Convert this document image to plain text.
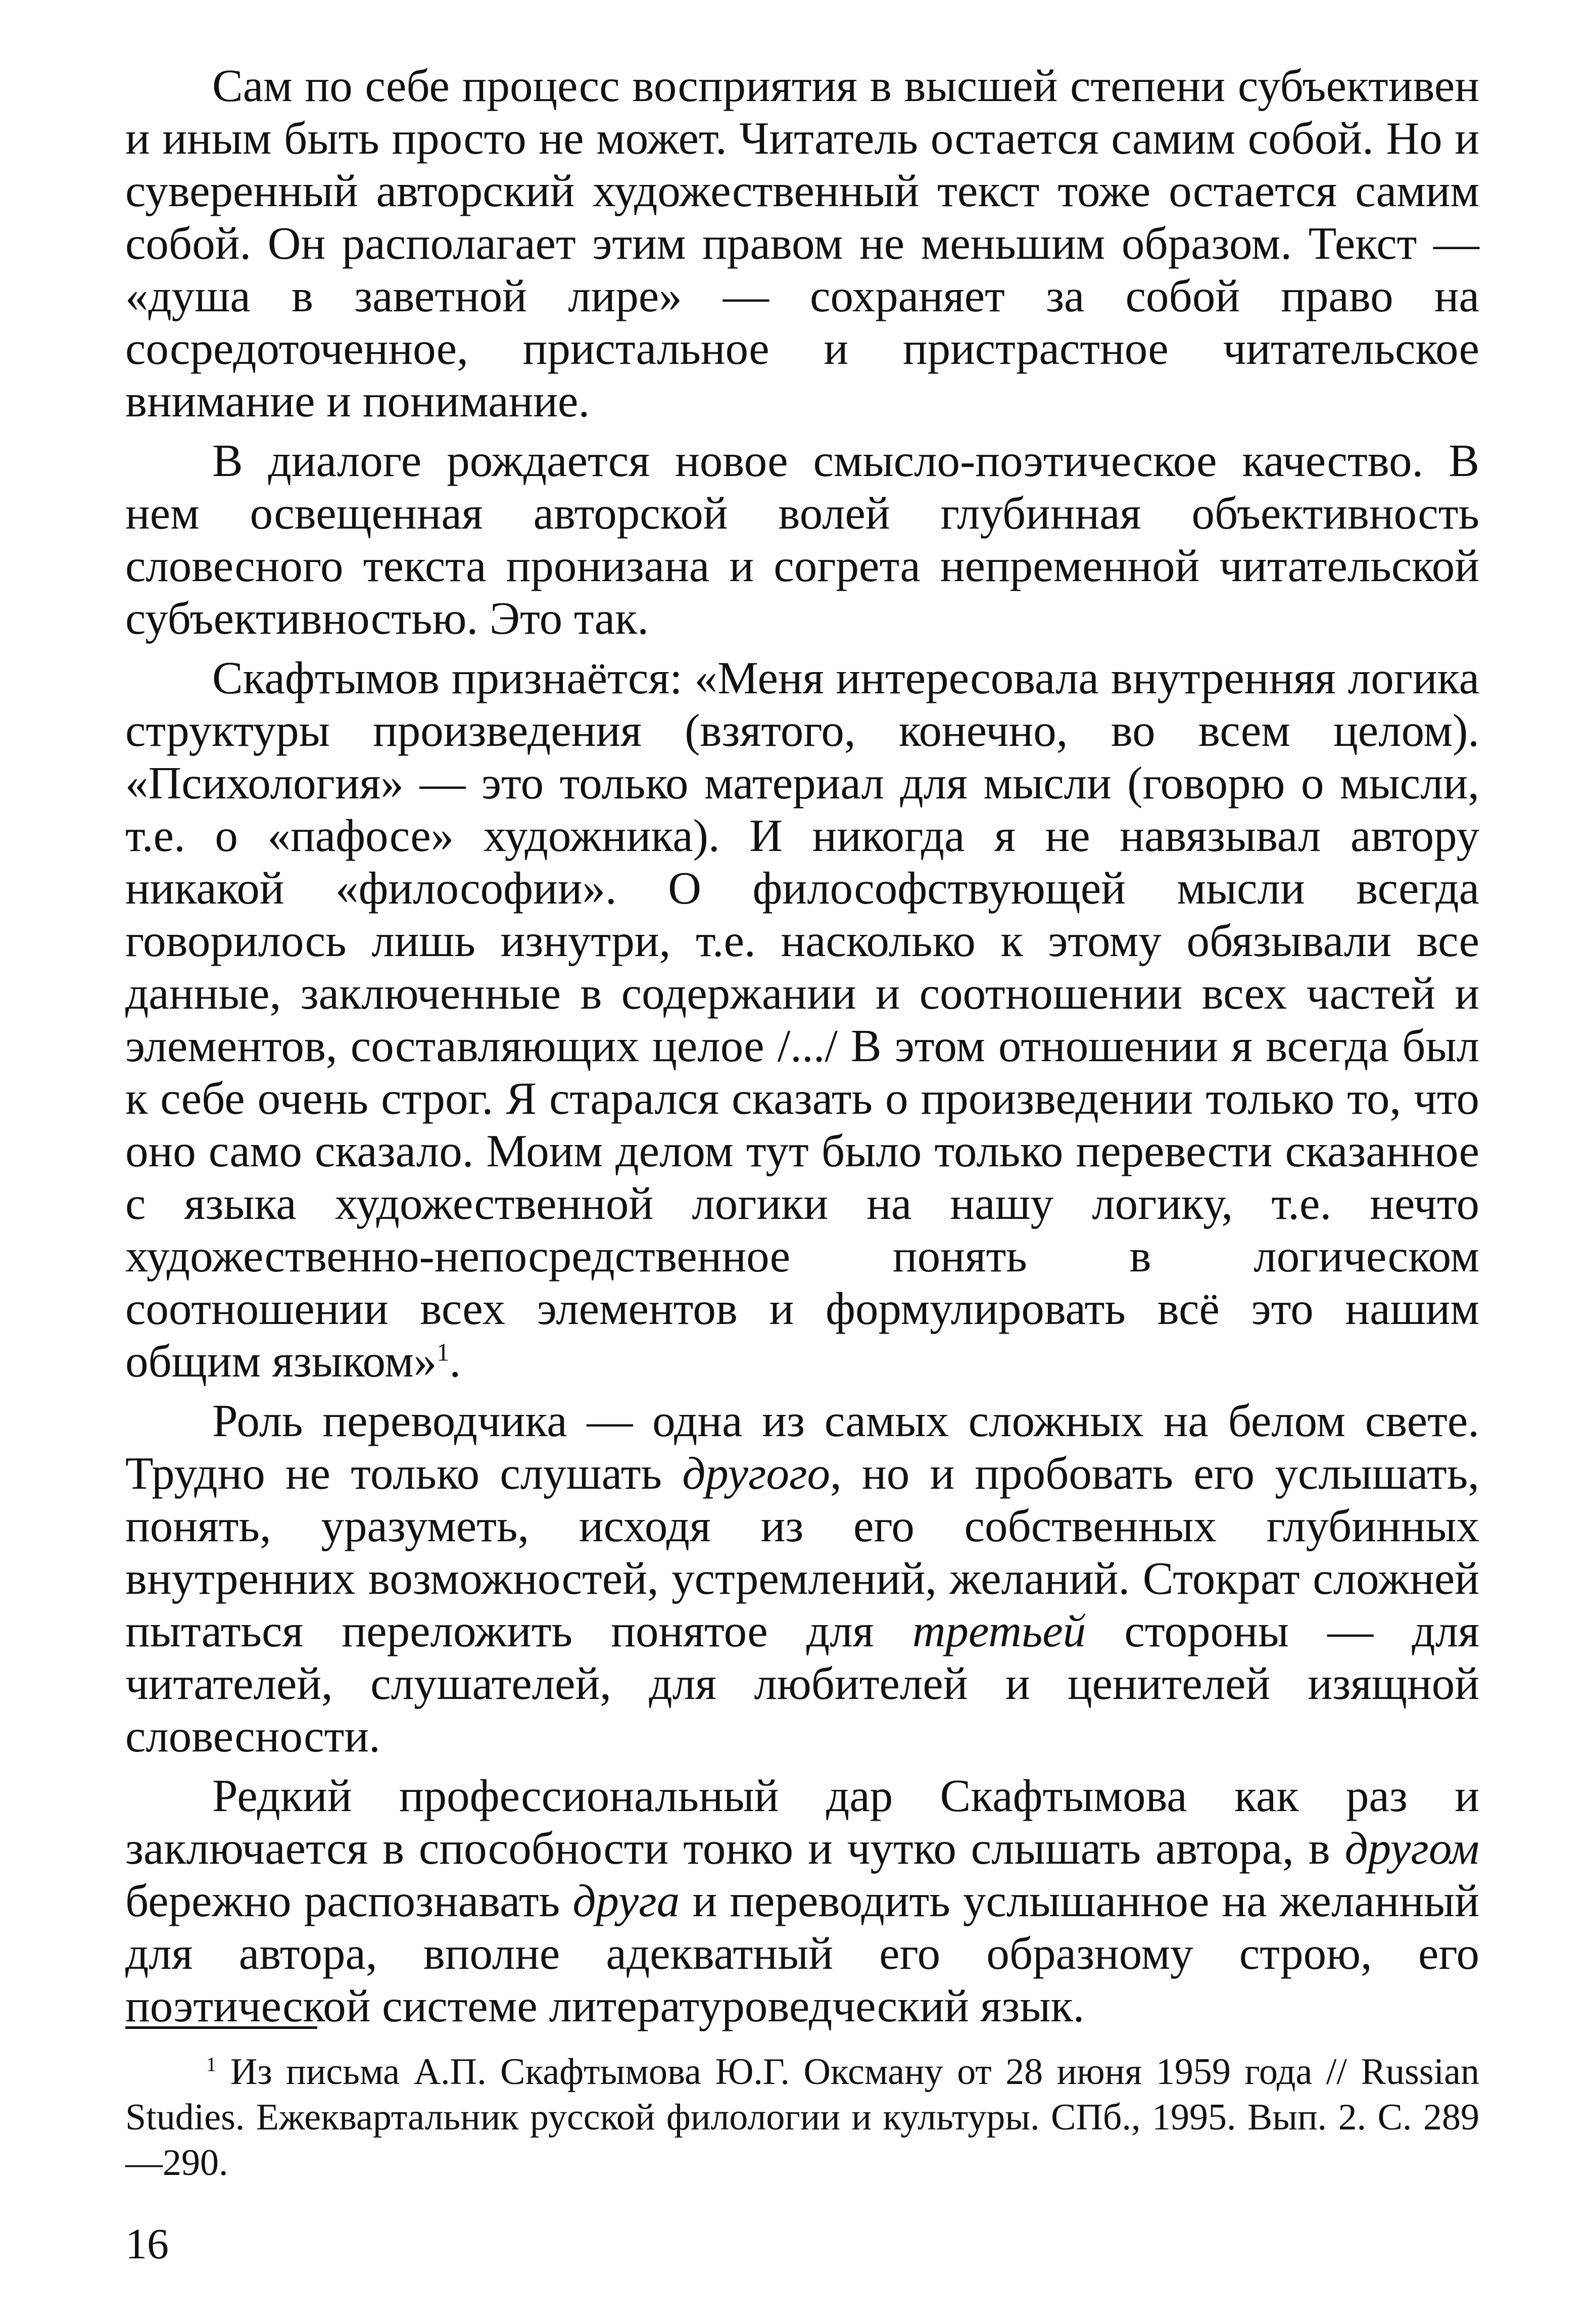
Сам по себе процесс восприятия в высшей степени субъективен и иным быть просто не может. Читатель остается самим собой. Но и суверенный авторский художественный текст тоже остается самим собой. Он располагает этим правом не меньшим образом. Текст — «душа в заветной лире» — сохраняет за собой право на сосредоточенное, пристальное и пристрастное читательское внимание и понимание.

В диалоге рождается новое смысло-поэтическое качество. В нем освещенная авторской волей глубинная объективность словесного текста пронизана и согрета непременной читательской субъективностью. Это так.

Скафтымов признаётся: «Меня интересовала внутренняя логика структуры произведения (взятого, конечно, во всем целом). «Психология» — это только материал для мысли (говорю о мысли, т.е. о «пафосе» художника). И никогда я не навязывал автору никакой «философии». О философствующей мысли всегда говорилось лишь изнутри, т.е. насколько к этому обязывали все данные, заключенные в содержании и соотношении всех частей и элементов, составляющих целое /.../ В этом отношении я всегда был к себе очень строг. Я старался сказать о произведении только то, что оно само сказало. Моим делом тут было только перевести сказанное с языка художественной логики на нашу логику, т.е. нечто художественно-непосредственное понять в логическом соотношении всех элементов и формулировать всё это нашим общим языком»$^1$.

Роль переводчика — одна из самых сложных на белом свете. Трудно не только слушать другого, но и пробовать его услышать, понять, уразуметь, исходя из его собственных глубинных внутренних возможностей, устремлений, желаний. Стократ сложней пытаться переложить понятое для третьей стороны — для читателей, слушателей, для любителей и ценителей изящной словесности.

Редкий профессиональный дар Скафтымова как раз и заключается в способности тонко и чутко слышать автора, в другом бережно распознавать друга и переводить услышанное на желанный для автора, вполне адекватный его образному строю, его поэтической системе литературоведческий язык.

$^1$ Из письма А.П. Скафтымова Ю.Г. Оксману от 28 июня 1959 года // Russian Studies. Ежеквартальник русской филологии и культуры. СПб., 1995. Вып. 2. С. 289—290.

16
